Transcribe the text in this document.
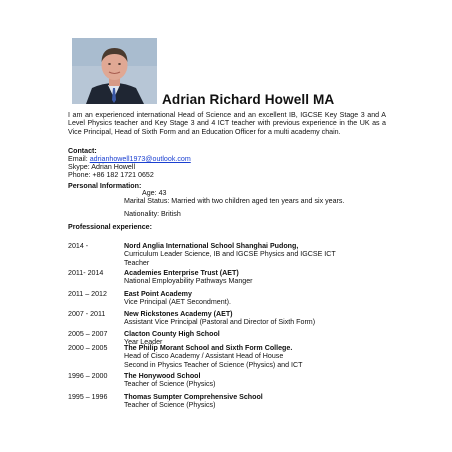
Adrian Richard Howell MA
I am an experienced international Head of Science and an excellent IB, IGCSE Key Stage 3 and A Level Physics teacher and Key Stage 3 and 4 ICT teacher with previous experience in the UK as a Vice Principal, Head of Sixth Form and an Education Officer for a multi academy chain.
Contact:
Email: adrianhowell1973@outlook.com
Skype: Adrian Howell
Phone: +86 182 1721 0652
Personal Information:
Age: 43
Marital Status: Married with two children aged ten years and six years.
Nationality: British
Professional experience:
2014 -	Nord Anglia International School Shanghai Pudong,
Curriculum Leader Science, IB and IGCSE Physics and IGCSE ICT
Teacher
2011- 2014	Academies Enterprise Trust (AET)
National Employability Pathways Manger
2011 – 2012 East Point Academy
Vice Principal (AET Secondment).
2007 - 2011	New Rickstones Academy (AET)
Assistant Vice Principal (Pastoral and Director of Sixth Form)
2005 – 2007 Clacton County High School
Year Leader
2000 – 2005 The Philip Morant School and Sixth Form College.
Head of Cisco Academy / Assistant Head of House
Second in Physics Teacher of Science (Physics) and ICT
1996 – 2000 The Honywood School
Teacher of Science (Physics)
1995 – 1996 Thomas Sumpter Comprehensive School
Teacher of Science (Physics)
